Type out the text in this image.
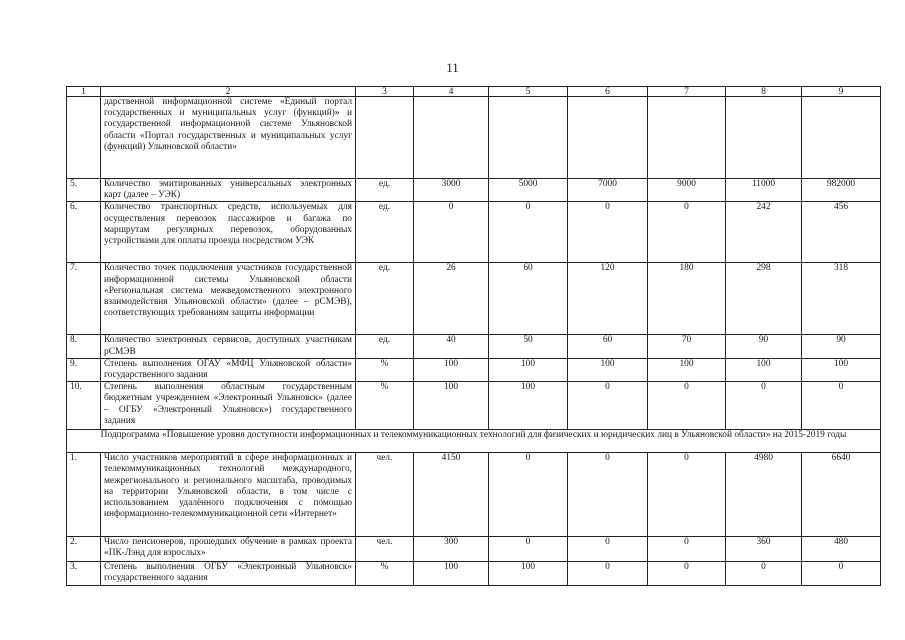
11
1	2	3	4	5	6	7	8	9
	дарственной информационной системе «Единый портал государственных и муниципальных услуг (функций)» и государственной информационной системе Ульяновской области «Портал государственных и муниципальных услуг (функций) Ульяновской области»							
5.	Количество эмитированных универсальных электронных карт (далее – УЭК)	ед.	3000	5000	7000	9000	11000	982000
6.	Количество транспортных средств, используемых для осуществления перевозок пассажиров и багажа по маршрутам регулярных перевозок, оборудованных устройствами для оплаты проезда посредством УЭК	ед.	0	0	0	0	242	456
7.	Количество точек подключения участников государственной информационной системы Ульяновской области «Региональная система межведомственного электронного взаимодействия Ульяновской области» (далее – рСМЭВ), соответствующих требованиям защиты информации	ед.	26	60	120	180	298	318
8.	Количество электронных сервисов, доступных участникам рСМЭВ	ед.	40	50	60	70	90	90
9.	Степень выполнения ОГАУ «МФЦ Ульяновской области» государственного задания	%	100	100	100	100	100	100
10.	Степень выполнения областным государственным бюджетным учреждением «Электронный Ульяновск» (далее – ОГБУ «Электронный Ульяновск») государственного задания	%	100	100	0	0	0	0
Подпрограмма «Повышение уровня доступности информационных и телекоммуникационных технологий для физических и юридических лиц в Ульяновской области» на 2015-2019 годы								
1.	Число участников мероприятий в сфере информационных и телекоммуникационных технологий международного, межрегионального и регионального масштаба, проводимых на территории Ульяновской области, в том числе с использованием удалённого подключения с помощью информационно-телекоммуникационной сети «Интернет»	чел.	4150	0	0	0	4980	6640
2.	Число пенсионеров, прошедших обучение в рамках проекта «ПК-Лэнд для взрослых»	чел.	300	0	0	0	360	480
3.	Степень выполнения ОГБУ «Электронный Ульяновск» государственного задания	%	100	100	0	0	0	0
